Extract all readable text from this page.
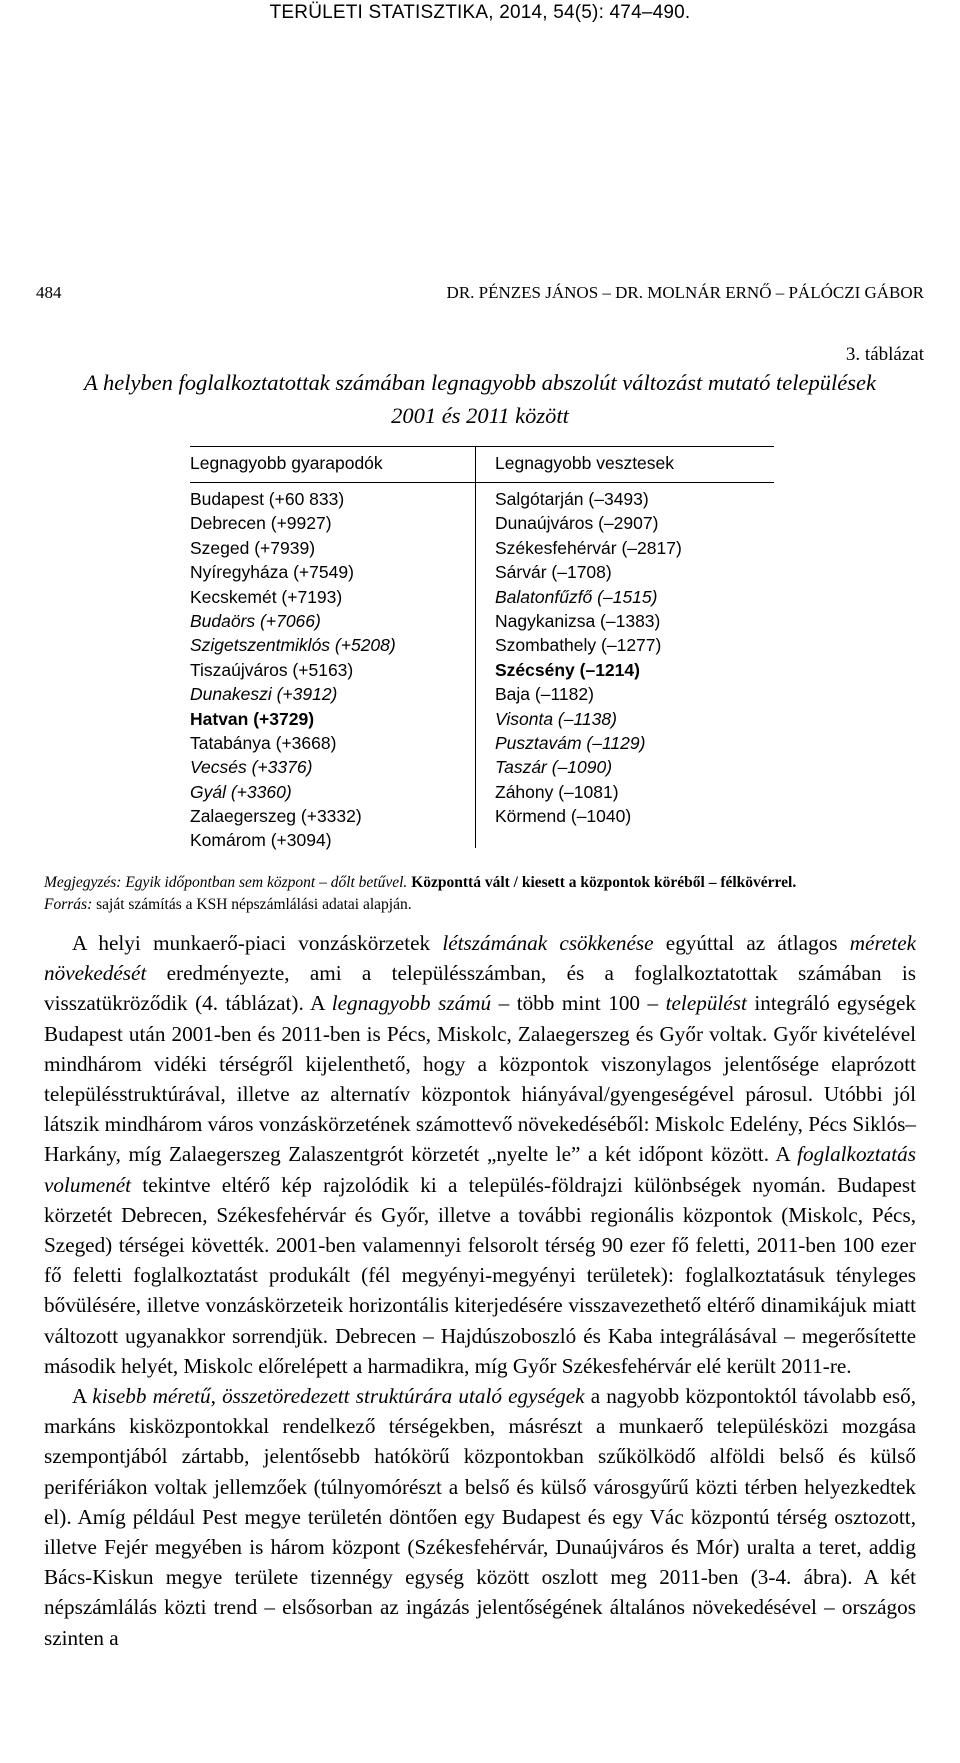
TERÜLETI STATISZTIKA, 2014, 54(5): 474–490.
484	DR. PÉNZES JÁNOS – DR. MOLNÁR ERNŐ – PÁLÓCZI GÁBOR
3. táblázat
A helyben foglalkoztatottak számában legnagyobb abszolút változást mutató települések
2001 és 2011 között
Legnagyobb gyarapodók	Legnagyobb vesztesek
Budapest (+60 833)
Debrecen (+9927)
Szeged (+7939)
Nyíregyháza (+7549)
Kecskemét (+7193)
Budaörs (+7066)
Szigetszentmiklós (+5208)
Tiszaújváros (+5163)
Dunakeszi (+3912)
Hatvan (+3729)
Tatabánya (+3668)
Vecsés (+3376)
Gyál (+3360)
Zalaegerszeg (+3332)
Komárom (+3094)
Salgótarján (–3493)
Dunaújváros (–2907)
Székesfehérvár (–2817)
Sárvár (–1708)
Balatonfűzfő (–1515)
Nagykanizsa (–1383)
Szombathely (–1277)
Szécsény (–1214)
Baja (–1182)
Visonta (–1138)
Pusztavám (–1129)
Taszár (–1090)
Záhony (–1081)
Körmend (–1040)
Megjegyzés: Egyik időpontban sem központ – dőlt betűvel. Központtá vált / kiesett a központok köréből – félkövérrel.
Forrás: saját számítás a KSH népszámlálási adatai alapján.

A helyi munkaerő-piaci vonzáskörzetek létszámának csökkenése egyúttal az átlagos méretek növekedését eredményezte, ami a településszámban, és a foglalkoztatottak számában is visszatükröződik (4. táblázat). A legnagyobb számú – több mint 100 – települést integráló egységek Budapest után 2001-ben és 2011-ben is Pécs, Miskolc, Zalaegerszeg és Győr voltak. Győr kivételével mindhárom vidéki térségről kijelenthető, hogy a központok viszonylagos jelentősége elaprózott településstruktúrával, illetve az alternatív központok hiányával/gyengeségével párosul. Utóbbi jól látszik mindhárom város vonzáskörzetének számottevő növekedéséből: Miskolc Edelény, Pécs Siklós–Harkány, míg Zalaegerszeg Zalaszentgrót körzetét „nyelte le” a két időpont között. A foglalkoztatás volumenét tekintve eltérő kép rajzolódik ki a település-földrajzi különbségek nyomán. Budapest körzetét Debrecen, Székesfehérvár és Győr, illetve a további regionális központok (Miskolc, Pécs, Szeged) térségei követték. 2001-ben valamennyi felsorolt térség 90 ezer fő feletti, 2011-ben 100 ezer fő feletti foglalkoztatást produkált (fél megyényi-megyényi területek): foglalkoztatásuk tényleges bővülésére, illetve vonzáskörzeteik horizontális kiterjedésére visszavezethető eltérő dinamikájuk miatt változott ugyanakkor sorrendjük. Debrecen – Hajdúszoboszló és Kaba integrálásával – megerősítette második helyét, Miskolc előrelépett a harmadikra, míg Győr Székesfehérvár elé került 2011-re.

A kisebb méretű, összetöredezett struktúrára utaló egységek a nagyobb központoktól távolabb eső, markáns kisközpontokkal rendelkező térségekben, másrészt a munkaerő településközi mozgása szempontjából zártabb, jelentősebb hatókörű központokban szűkölködő alföldi belső és külső perifériákon voltak jellemzőek (túlnyomórészt a belső és külső városgyűrű közti térben helyezkedtek el). Amíg például Pest megye területén döntően egy Budapest és egy Vác központú térség osztozott, illetve Fejér megyében is három központ (Székesfehérvár, Dunaújváros és Mór) uralta a teret, addig Bács-Kiskun megye területe tizennégy egység között oszlott meg 2011-ben (3-4. ábra). A két népszámlálás közti trend – elsősorban az ingázás jelentőségének általános növekedésével – országos szinten a
